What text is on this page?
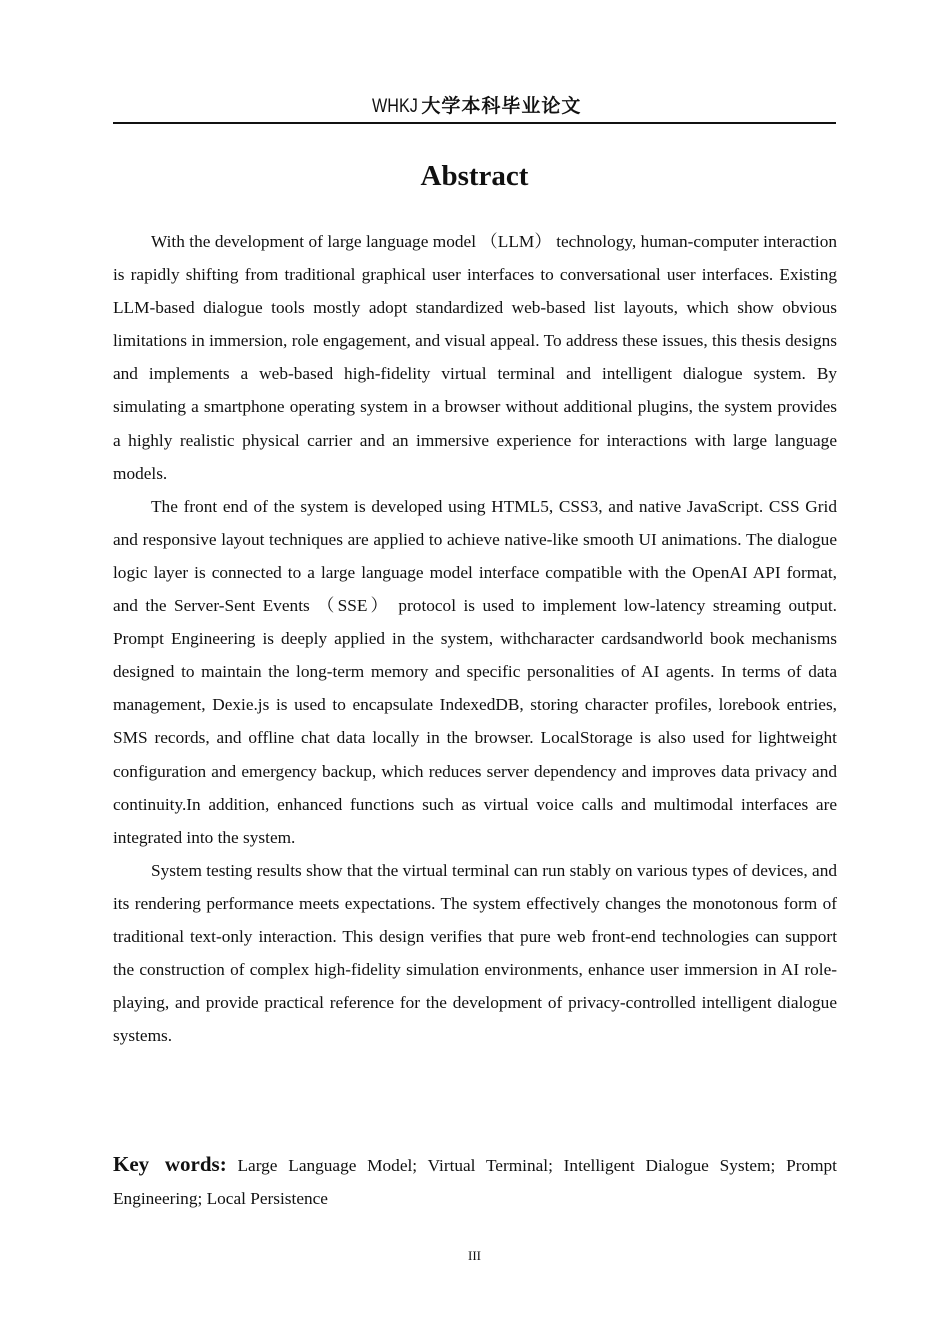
WHKJ 大学本科毕业论文
Abstract

With the development of large language model （LLM） technology, human-computer interaction is rapidly shifting from traditional graphical user interfaces to conversational user interfaces. Existing LLM-based dialogue tools mostly adopt standardized web-based list layouts, which show obvious limitations in immersion, role engagement, and visual appeal. To address these issues, this thesis designs and implements a web-based high-fidelity virtual terminal and intelligent dialogue system. By simulating a smartphone operating system in a browser without additional plugins, the system provides a highly realistic physical carrier and an immersive experience for interactions with large language models.

The front end of the system is developed using HTML5, CSS3, and native JavaScript. CSS Grid and responsive layout techniques are applied to achieve native-like smooth UI animations. The dialogue logic layer is connected to a large language model interface compatible with the OpenAI API format, and the Server-Sent Events （SSE） protocol is used to implement low-latency streaming output. Prompt Engineering is deeply applied in the system, withcharacter cardsandworld book mechanisms designed to maintain the long-term memory and specific personalities of AI agents. In terms of data management, Dexie.js is used to encapsulate IndexedDB, storing character profiles, lorebook entries, SMS records, and offline chat data locally in the browser. LocalStorage is also used for lightweight configuration and emergency backup, which reduces server dependency and improves data privacy and continuity.In addition, enhanced functions such as virtual voice calls and multimodal interfaces are integrated into the system.

System testing results show that the virtual terminal can run stably on various types of devices, and its rendering performance meets expectations. The system effectively changes the monotonous form of traditional text-only interaction. This design verifies that pure web front-end technologies can support the construction of complex high-fidelity simulation environments, enhance user immersion in AI role-playing, and provide practical reference for the development of privacy-controlled intelligent dialogue systems.

Key words: Large Language Model; Virtual Terminal; Intelligent Dialogue System; Prompt Engineering; Local Persistence

III
